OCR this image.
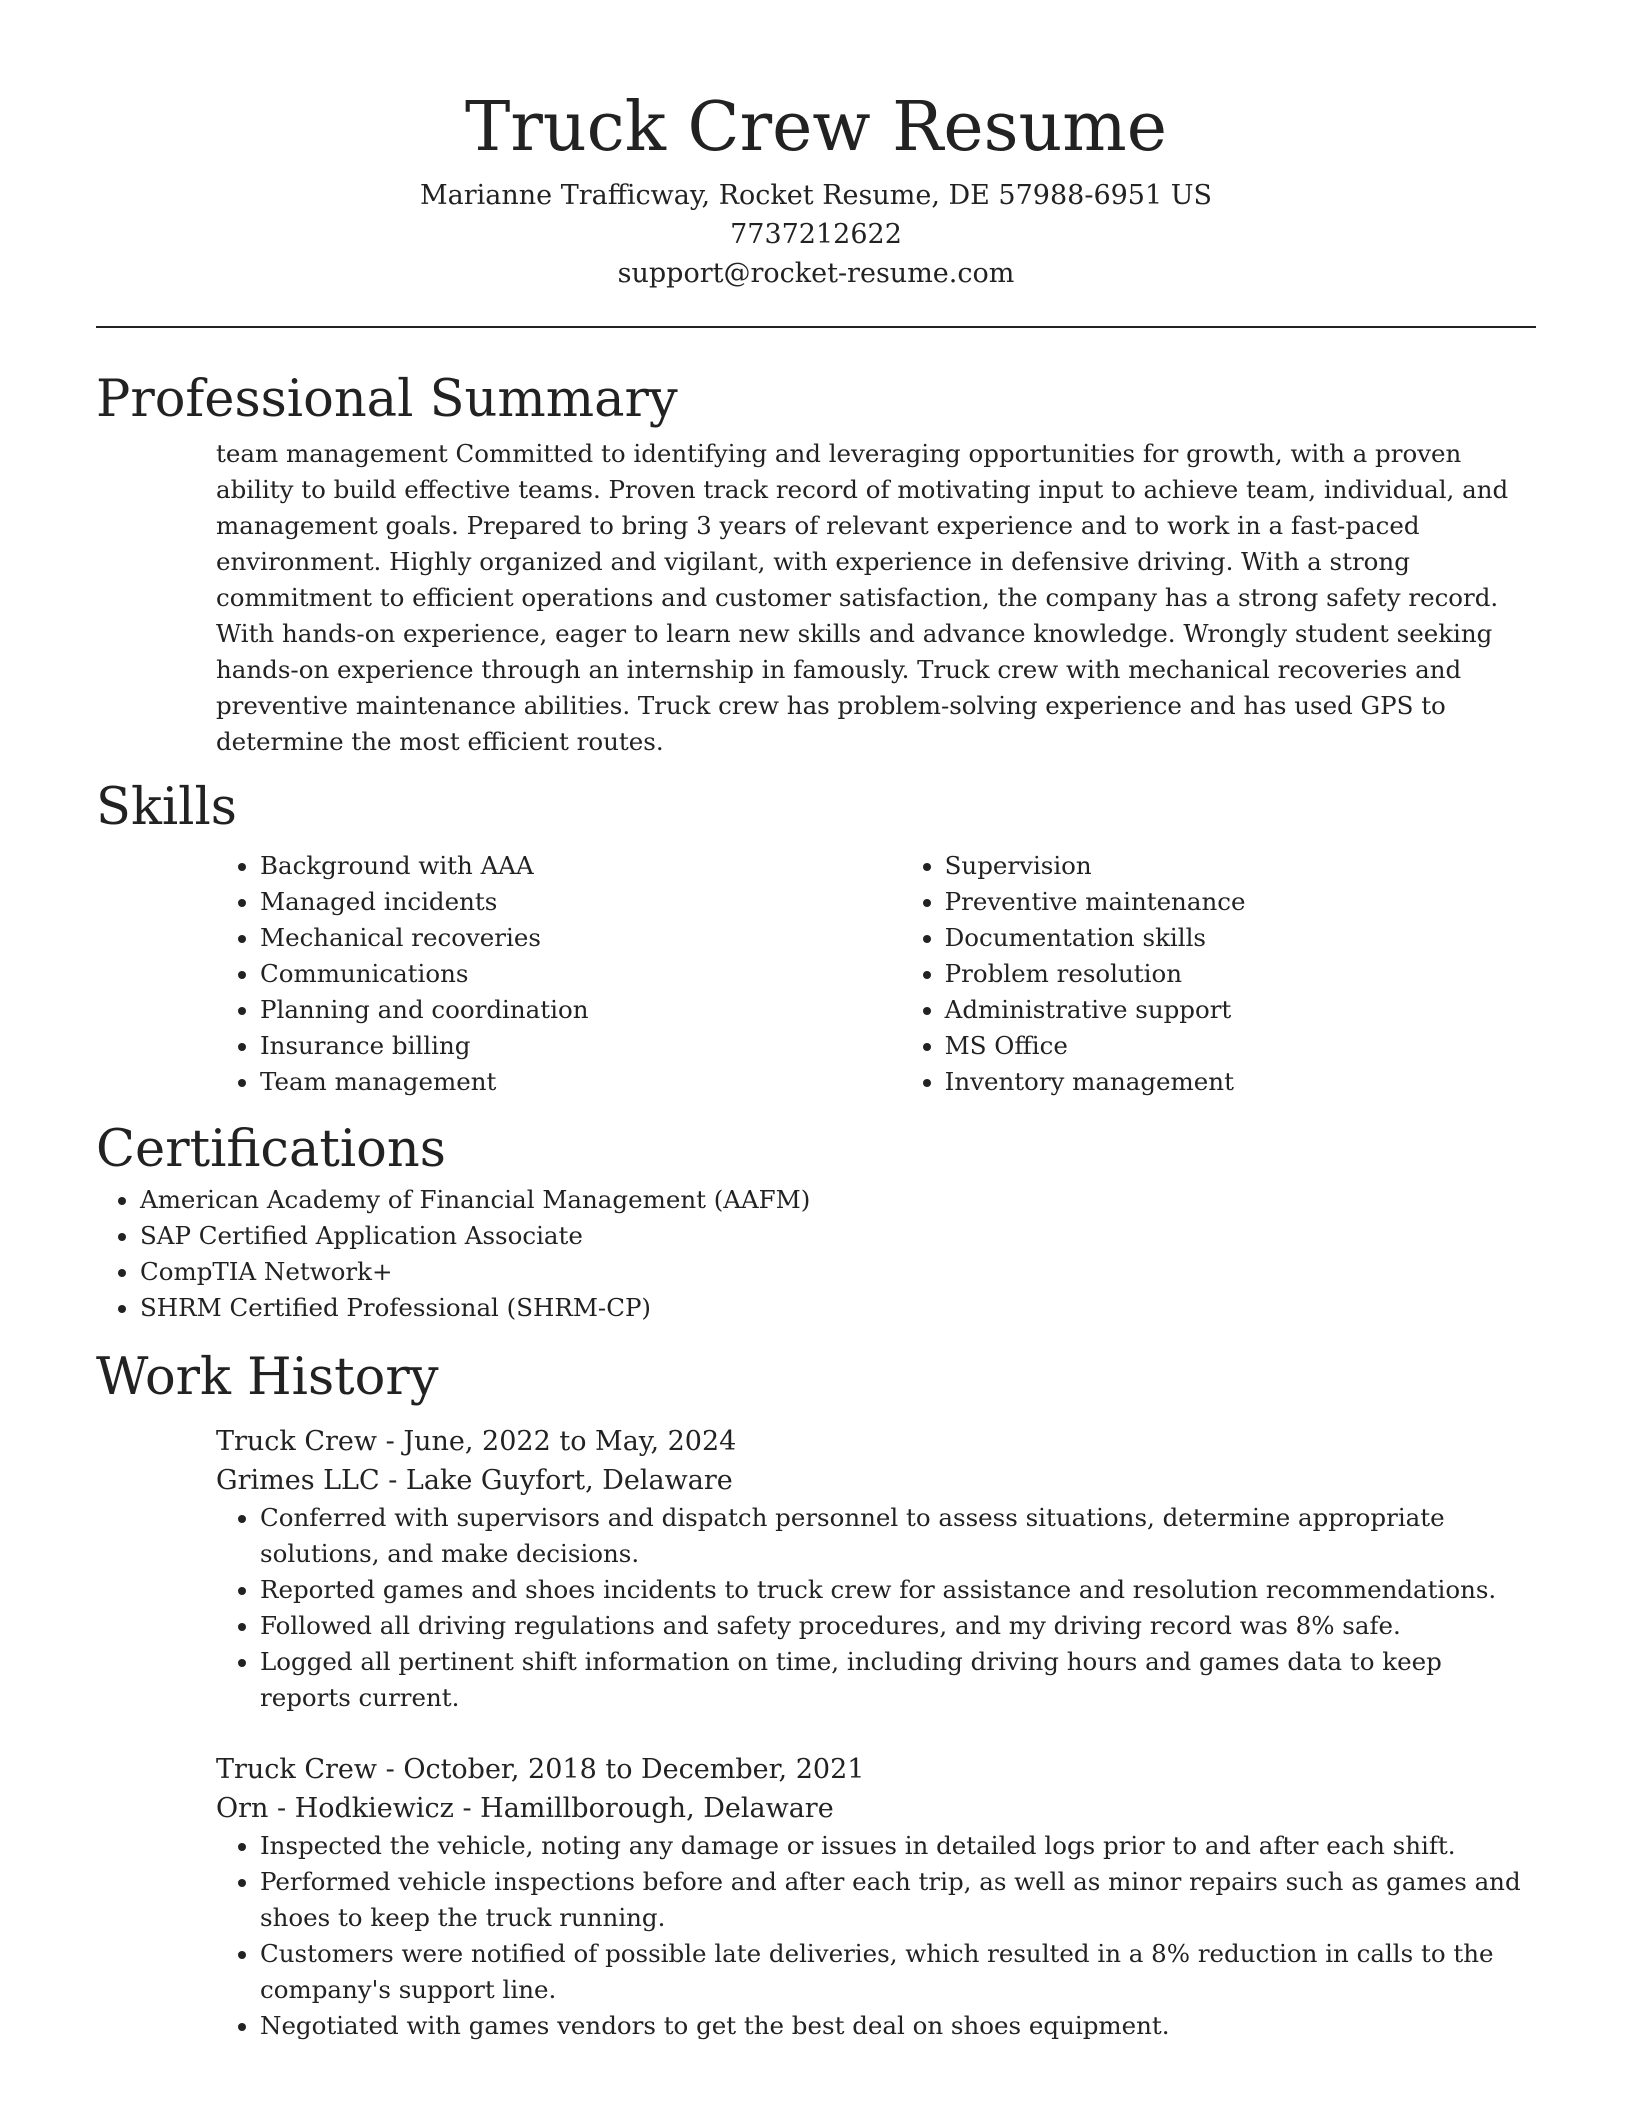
Truck Crew Resume
Marianne Trafficway, Rocket Resume, DE 57988-6951 US
7737212622
support@rocket-resume.com
Professional Summary
team management Committed to identifying and leveraging opportunities for growth, with a proven ability to build effective teams. Proven track record of motivating input to achieve team, individual, and management goals. Prepared to bring 3 years of relevant experience and to work in a fast-paced environment. Highly organized and vigilant, with experience in defensive driving. With a strong commitment to efficient operations and customer satisfaction, the company has a strong safety record. With hands-on experience, eager to learn new skills and advance knowledge. Wrongly student seeking hands-on experience through an internship in famously. Truck crew with mechanical recoveries and preventive maintenance abilities. Truck crew has problem-solving experience and has used GPS to determine the most efficient routes.
Skills
• Background with AAA
• Managed incidents
• Mechanical recoveries
• Communications
• Planning and coordination
• Insurance billing
• Team management
• Supervision
• Preventive maintenance
• Documentation skills
• Problem resolution
• Administrative support
• MS Office
• Inventory management
Certifications
• American Academy of Financial Management (AAFM)
• SAP Certified Application Associate
• CompTIA Network+
• SHRM Certified Professional (SHRM-CP)
Work History
Truck Crew - June, 2022 to May, 2024
Grimes LLC - Lake Guyfort, Delaware
• Conferred with supervisors and dispatch personnel to assess situations, determine appropriate solutions, and make decisions.
• Reported games and shoes incidents to truck crew for assistance and resolution recommendations.
• Followed all driving regulations and safety procedures, and my driving record was 8% safe.
• Logged all pertinent shift information on time, including driving hours and games data to keep reports current.
Truck Crew - October, 2018 to December, 2021
Orn - Hodkiewicz - Hamillborough, Delaware
• Inspected the vehicle, noting any damage or issues in detailed logs prior to and after each shift.
• Performed vehicle inspections before and after each trip, as well as minor repairs such as games and shoes to keep the truck running.
• Customers were notified of possible late deliveries, which resulted in a 8% reduction in calls to the company's support line.
• Negotiated with games vendors to get the best deal on shoes equipment.
